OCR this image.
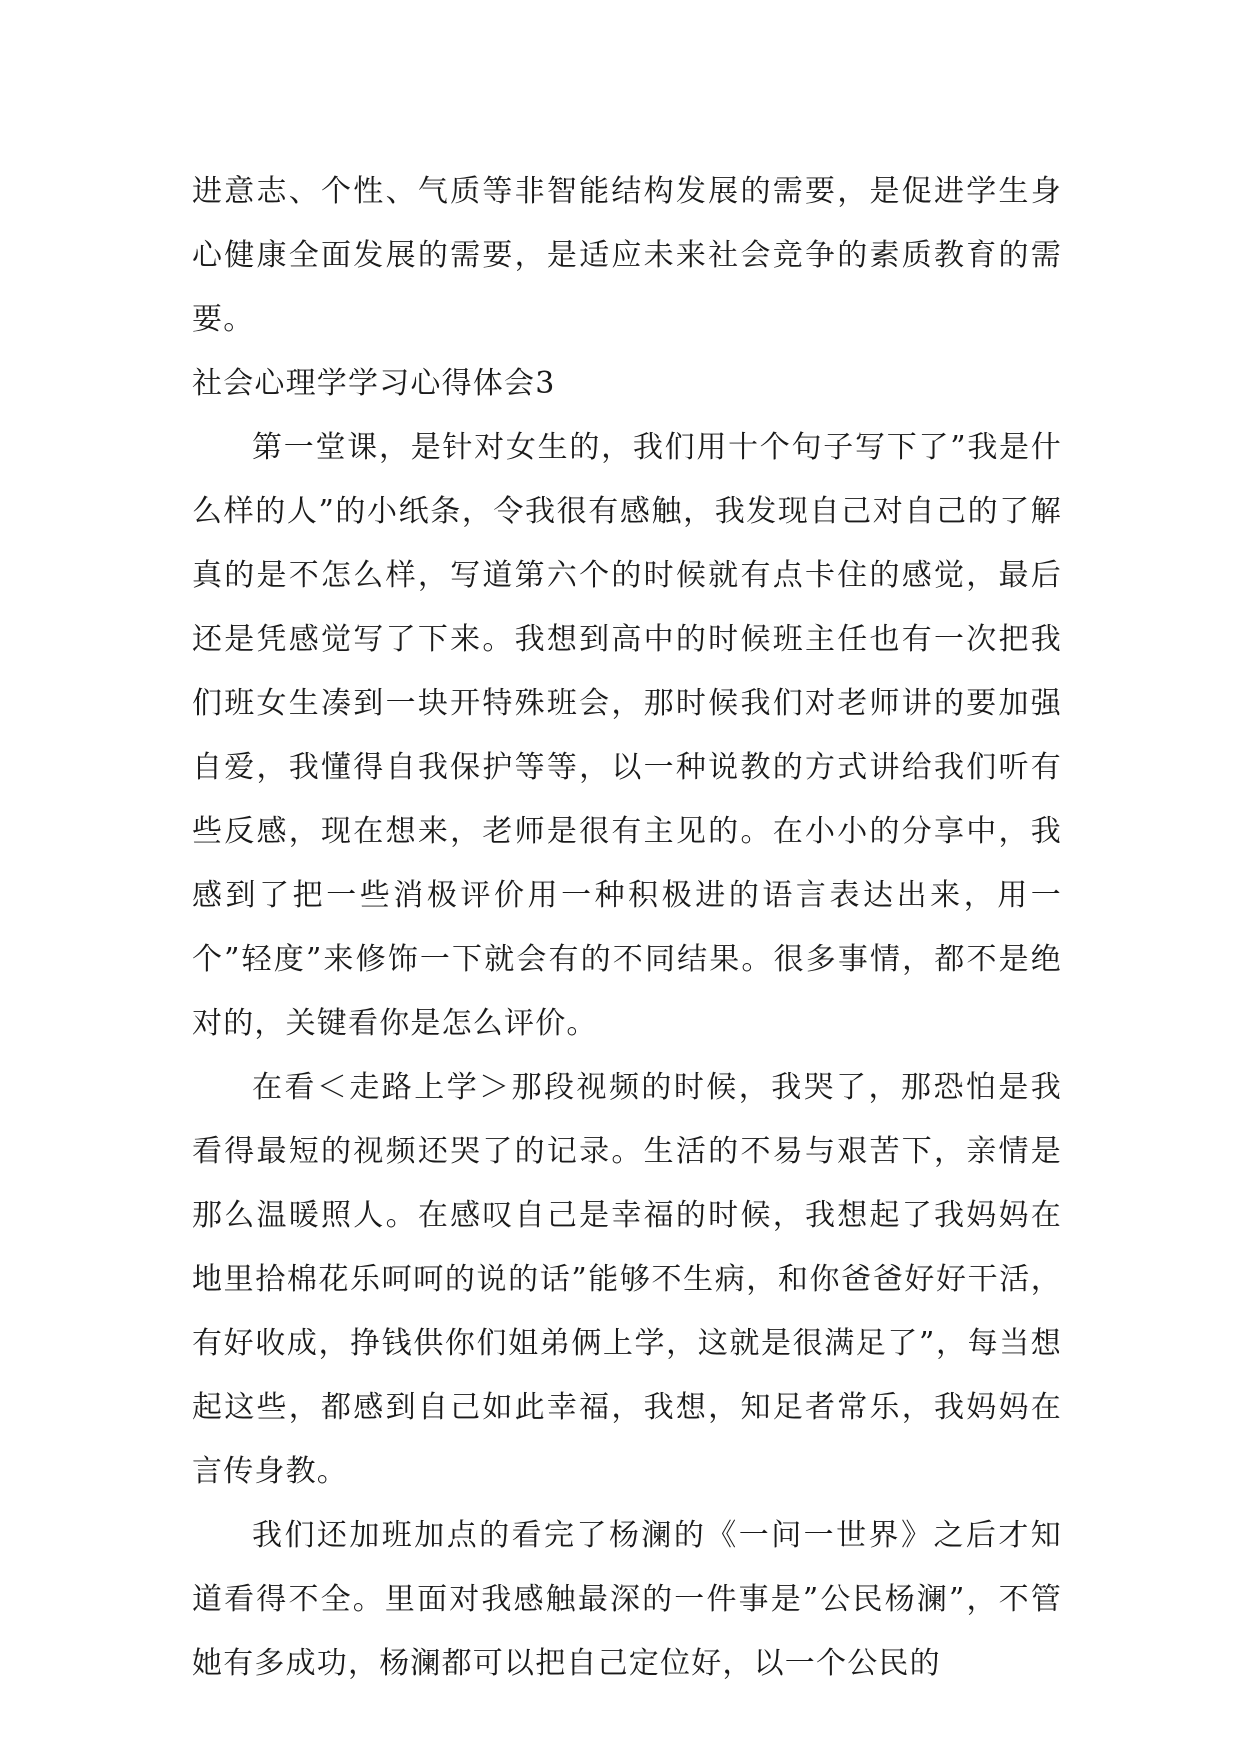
进意志、个性、气质等非智能结构发展的需要，是促进学生身心健康全面发展的需要，是适应未来社会竞争的素质教育的需要。

社会心理学学习心得体会3

第一堂课，是针对女生的，我们用十个句子写下了”我是什么样的人”的小纸条，令我很有感触，我发现自己对自己的了解真的是不怎么样，写道第六个的时候就有点卡住的感觉，最后还是凭感觉写了下来。我想到高中的时候班主任也有一次把我们班女生凑到一块开特殊班会，那时候我们对老师讲的要加强自爱，我懂得自我保护等等，以一种说教的方式讲给我们听有些反感，现在想来，老师是很有主见的。在小小的分享中，我感到了把一些消极评价用一种积极进的语言表达出来，用一个”轻度”来修饰一下就会有的不同结果。很多事情，都不是绝对的，关键看你是怎么评价。

在看＜走路上学＞那段视频的时候，我哭了，那恐怕是我看得最短的视频还哭了的记录。生活的不易与艰苦下，亲情是那么温暖照人。在感叹自己是幸福的时候，我想起了我妈妈在地里拾棉花乐呵呵的说的话”能够不生病，和你爸爸好好干活，有好收成，挣钱供你们姐弟俩上学，这就是很满足了”，每当想起这些，都感到自己如此幸福，我想，知足者常乐，我妈妈在言传身教。

我们还加班加点的看完了杨澜的《一问一世界》之后才知道看得不全。里面对我感触最深的一件事是”公民杨澜”，不管她有多成功，杨澜都可以把自己定位好，以一个公民的
